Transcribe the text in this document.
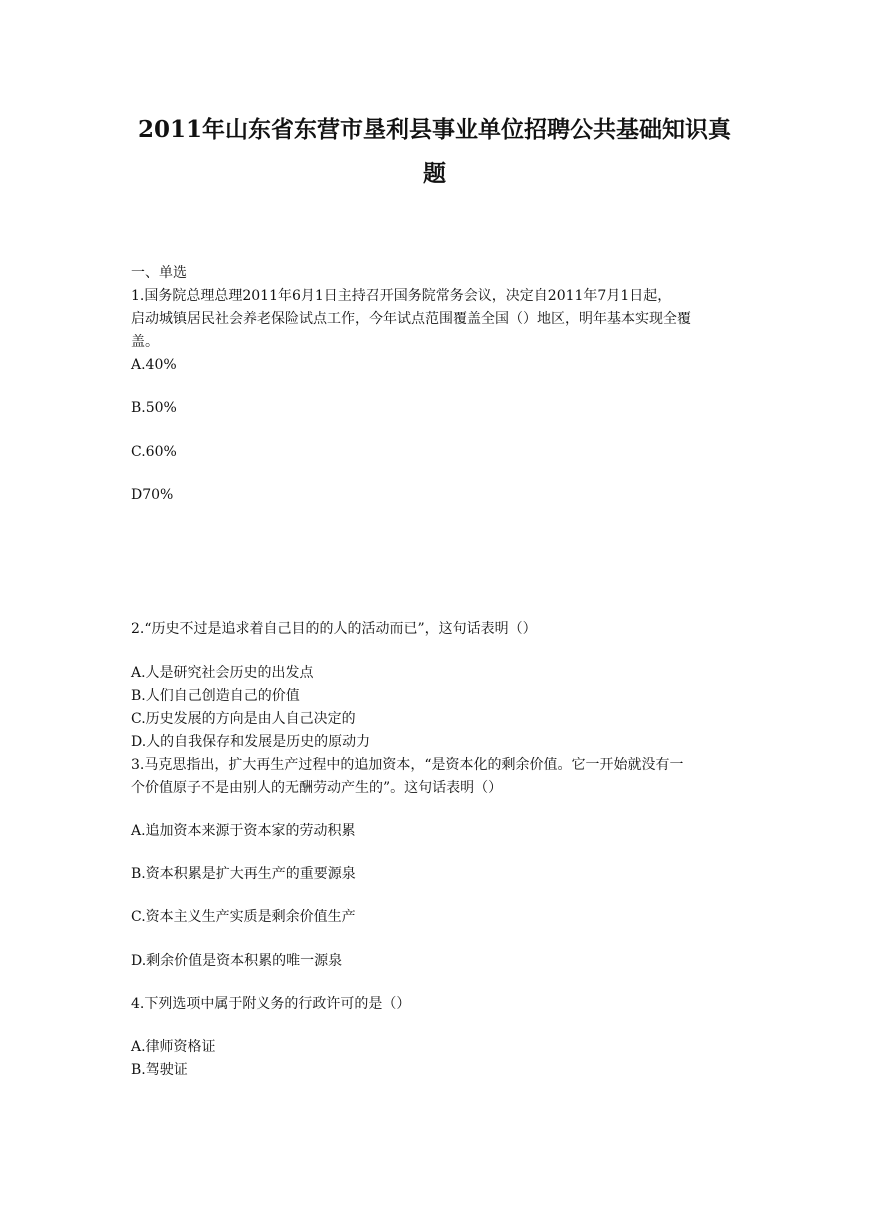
2011年山东省东营市垦利县事业单位招聘公共基础知识真
题
一、单选
1.国务院总理总理2011年6月1日主持召开国务院常务会议，决定自2011年7月1日起，
启动城镇居民社会养老保险试点工作，今年试点范围覆盖全国（）地区，明年基本实现全覆
盖。
A.40%
B.50%
C.60%
D70%
2.“历史不过是追求着自己目的的人的活动而已”，这句话表明（）
A.人是研究社会历史的出发点
B.人们自己创造自己的价值
C.历史发展的方向是由人自己决定的
D.人的自我保存和发展是历史的原动力
3.马克思指出，扩大再生产过程中的追加资本，“是资本化的剩余价值。它一开始就没有一
个价值原子不是由别人的无酬劳动产生的”。这句话表明（）
A.追加资本来源于资本家的劳动积累
B.资本积累是扩大再生产的重要源泉
C.资本主义生产实质是剩余价值生产
D.剩余价值是资本积累的唯一源泉
4.下列选项中属于附义务的行政许可的是（）
A.律师资格证
B.驾驶证
